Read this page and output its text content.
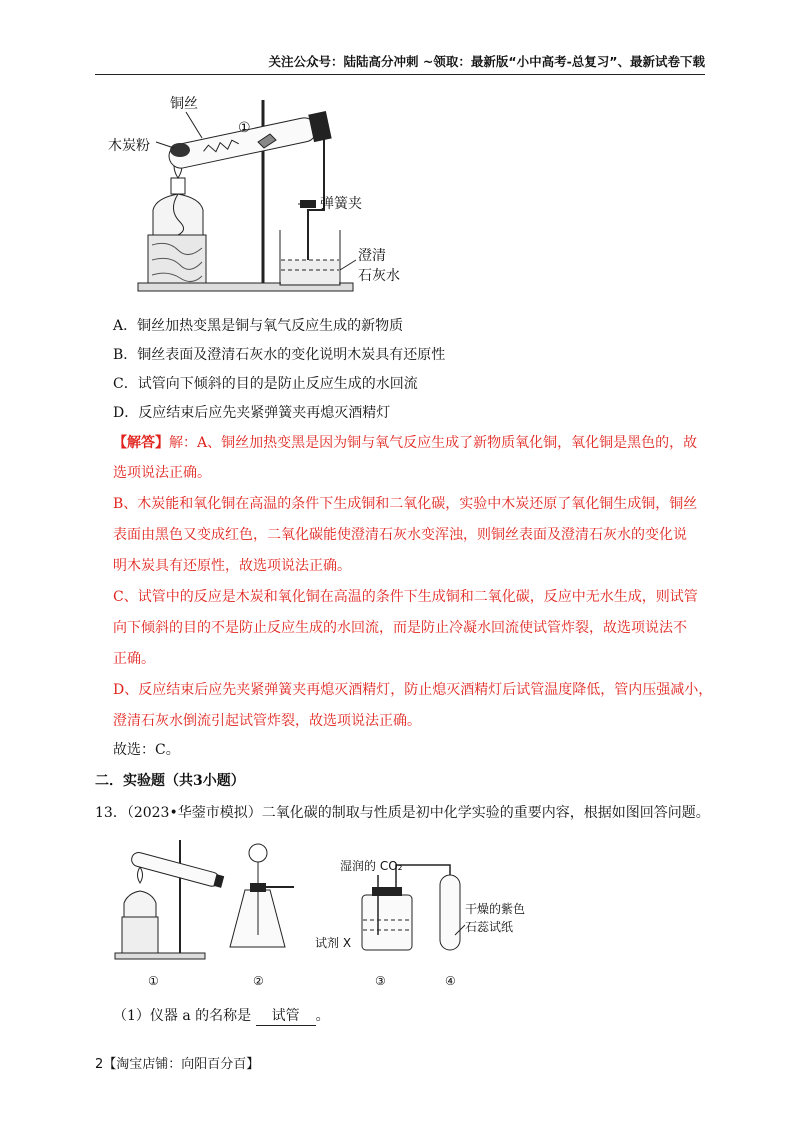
关注公众号：陆陆高分冲刺 ~领取：最新版“小中高考-总复习”、最新试卷下载
铜丝
木炭粉
①
弹簧夹
澄清
石灰水
A．铜丝加热变黑是铜与氧气反应生成的新物质
B．铜丝表面及澄清石灰水的变化说明木炭具有还原性
C．试管向下倾斜的目的是防止反应生成的水回流
D．反应结束后应先夹紧弹簧夹再熄灭酒精灯
【解答】解：A、铜丝加热变黑是因为铜与氧气反应生成了新物质氧化铜，氧化铜是黑色的，故
选项说法正确。
B、木炭能和氧化铜在高温的条件下生成铜和二氧化碳，实验中木炭还原了氧化铜生成铜，铜丝
表面由黑色又变成红色，二氧化碳能使澄清石灰水变浑浊，则铜丝表面及澄清石灰水的变化说
明木炭具有还原性，故选项说法正确。
C、试管中的反应是木炭和氧化铜在高温的条件下生成铜和二氧化碳，反应中无水生成，则试管
向下倾斜的目的不是防止反应生成的水回流，而是防止冷凝水回流使试管炸裂，故选项说法不
正确。
D、反应结束后应先夹紧弹簧夹再熄灭酒精灯，防止熄灭酒精灯后试管温度降低，管内压强减小，
澄清石灰水倒流引起试管炸裂，故选项说法正确。
故选：C。
二．实验题（共3小题）
13．（2023•华蓥市模拟）二氧化碳的制取与性质是初中化学实验的重要内容，根据如图回答问题。
湿润的 CO₂
试剂 X
干燥的紫色
石蕊试纸
①	②	③	④
（1）仪器 a 的名称是 试管 。
2【淘宝店铺：向阳百分百】
